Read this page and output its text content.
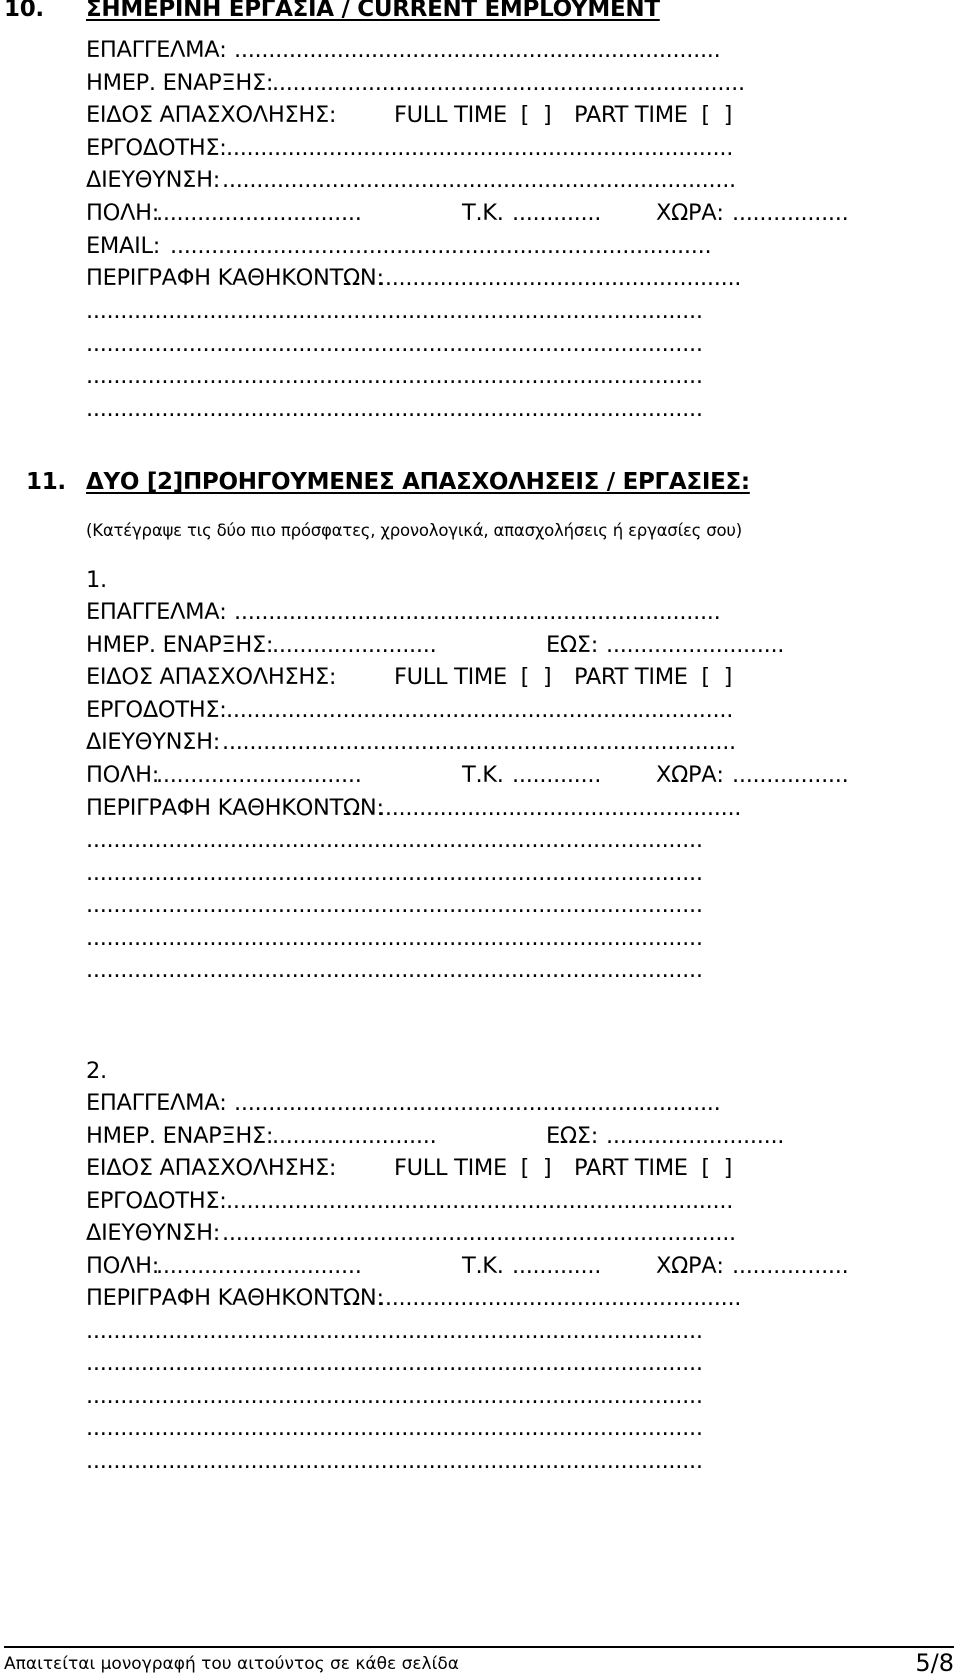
10. ΣΗΜΕΡΙΝΗ ΕΡΓΑΣΙΑ / CURRENT EMPLOYMENT
ΕΠΑΓΓΕΛΜΑ: .......................................................................
ΗΜΕΡ. ΕΝΑΡΞΗΣ:
.....................................................................
ΕΙΔΟΣ ΑΠΑΣΧΟΛΗΣΗΣ:	FULL TIME  [  ] PART TIME  [  ]
ΕΡΓΟΔΟΤΗΣ: ..........................................................................
ΔΙΕΥΘΥΝΣΗ: ...........................................................................
ΠΟΛΗ:
..............................	Τ.Κ. ............. ΧΩΡΑ: .................
EMAIL: ...............................................................................
ΠΕΡΙΓΡΑΦΗ ΚΑΘΗΚΟΝΤΩΝ:
.....................................................
..........................................................................................
..........................................................................................
..........................................................................................
..........................................................................................
11. ΔΥΟ [2]ΠΡΟΗΓΟΥΜΕΝΕΣ ΑΠΑΣΧΟΛΗΣΕΙΣ / ΕΡΓΑΣΙΕΣ:
(Κατέγραψε τις δύο πιο πρόσφατες, χρονολογικά, απασχολήσεις ή εργασίες σου)
1.
ΕΠΑΓΓΕΛΜΑ: .......................................................................
ΗΜΕΡ. ΕΝΑΡΞΗΣ:
........................	ΕΩΣ: ..........................
ΕΙΔΟΣ ΑΠΑΣΧΟΛΗΣΗΣ:	FULL TIME  [  ] PART TIME  [  ]
ΕΡΓΟΔΟΤΗΣ: ..........................................................................
ΔΙΕΥΘΥΝΣΗ: ...........................................................................
ΠΟΛΗ:
..............................	Τ.Κ. ............. ΧΩΡΑ: .................
ΠΕΡΙΓΡΑΦΗ ΚΑΘΗΚΟΝΤΩΝ:
.....................................................
..........................................................................................
..........................................................................................
..........................................................................................
..........................................................................................
..........................................................................................
2.
ΕΠΑΓΓΕΛΜΑ: .......................................................................
ΗΜΕΡ. ΕΝΑΡΞΗΣ:
........................	ΕΩΣ: ..........................
ΕΙΔΟΣ ΑΠΑΣΧΟΛΗΣΗΣ:	FULL TIME  [  ] PART TIME  [  ]
ΕΡΓΟΔΟΤΗΣ: ..........................................................................
ΔΙΕΥΘΥΝΣΗ: ...........................................................................
ΠΟΛΗ:
..............................	Τ.Κ. ............. ΧΩΡΑ: .................
ΠΕΡΙΓΡΑΦΗ ΚΑΘΗΚΟΝΤΩΝ:
.....................................................
..........................................................................................
..........................................................................................
..........................................................................................
..........................................................................................
..........................................................................................
Απαιτείται μονογραφή του αιτούντος σε κάθε σελίδα	5/8
